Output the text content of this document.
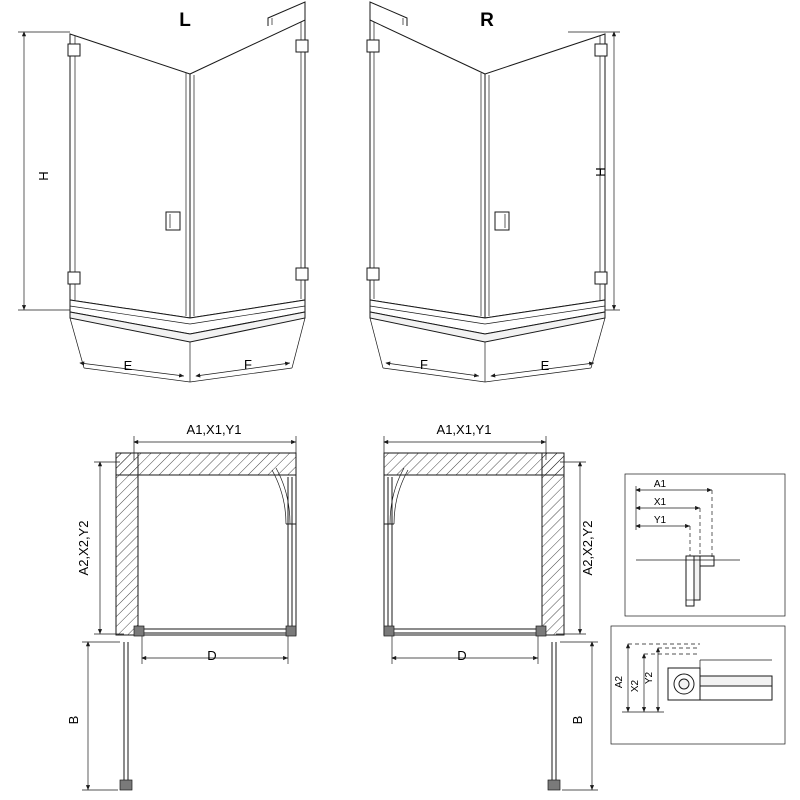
L	R
H	H
E	F	F	E
A1,X1,Y1	A1,X1,Y1
A2,X2,Y2	A2,X2,Y2
D	D
B	B
A1
X1
Y1
A2 X2
Y2
